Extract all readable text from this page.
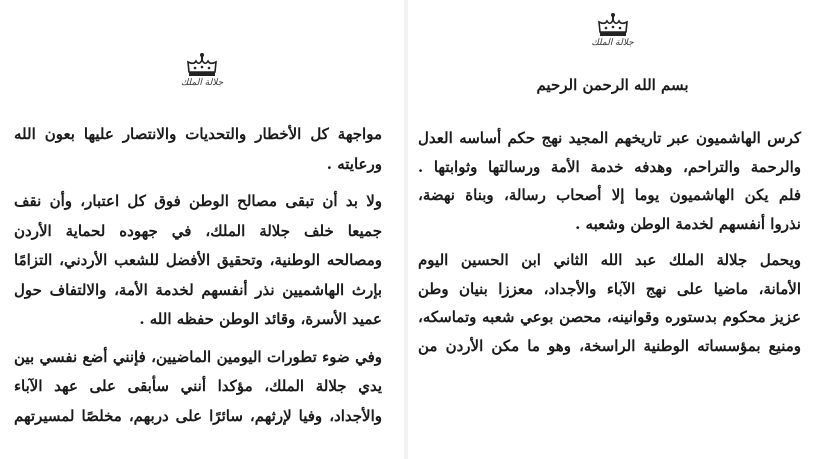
جلالة الملك
مواجهة كل الأخطار والتحديات والانتصار عليها بعون الله
ورعايته .
ولا بد أن تبقى مصالح الوطن فوق كل اعتبار، وأن نقف
جميعا خلف جلالة الملك، في جهوده لحماية الأردن
ومصالحه الوطنية، وتحقيق الأفضل للشعب الأردني، التزامًا
بإرث الهاشميين نذر أنفسهم لخدمة الأمة، والالتفاف حول
عميد الأسرة، وقائد الوطن حفظه الله .
وفي ضوء تطورات اليومين الماضيين، فإنني أضع نفسي بين
يدي جلالة الملك، مؤكدا أنني سأبقى على عهد الآباء
والأجداد، وفيا لإرثهم، سائرًا على دربهم، مخلصًا لمسيرتهم
جلالة الملك
بسم الله الرحمن الرحيم
كرس الهاشميون عبر تاريخهم المجيد نهج حكم أساسه العدل
والرحمة والتراحم، وهدفه خدمة الأمة ورسالتها وثوابتها .
فلم يكن الهاشميون يوما إلا أصحاب رسالة، وبناة نهضة،
نذروا أنفسهم لخدمة الوطن وشعبه .
ويحمل جلالة الملك عبد الله الثاني ابن الحسين اليوم
الأمانة، ماضيا على نهج الآباء والأجداد، معززا بنيان وطن
عزيز محكوم بدستوره وقوانينه، محصن بوعي شعبه وتماسكه،
ومنيع بمؤسساته الوطنية الراسخة، وهو ما مكن الأردن من
